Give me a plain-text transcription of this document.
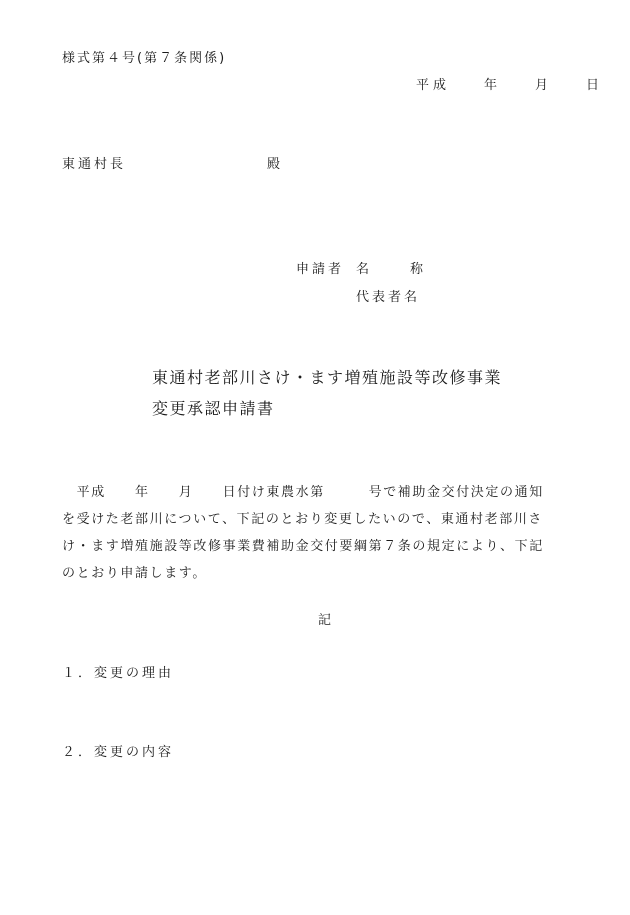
様式第４号(第７条関係)
平成　　年　　月　　日
東通村長	殿
申請者 名　　称
代表者名
東通村老部川さけ・ます増殖施設等改修事業
変更承認申請書
　平成　　年　　月　　日付け東農水第　　　号で補助金交付決定の通知
を受けた老部川について、下記のとおり変更したいので、東通村老部川さ
け・ます増殖施設等改修事業費補助金交付要綱第７条の規定により、下記
のとおり申請します。
記
１．変更の理由
２．変更の内容
